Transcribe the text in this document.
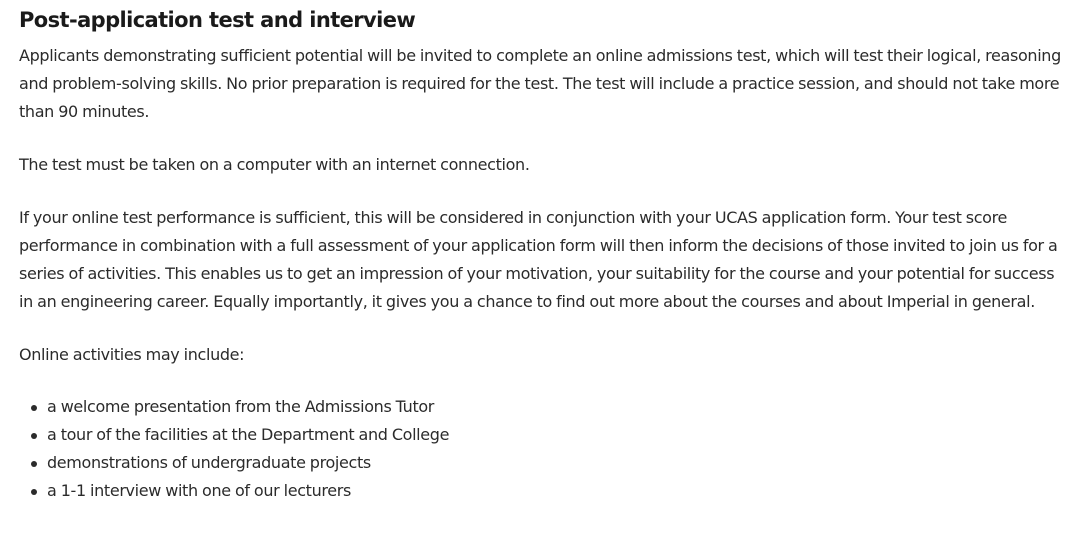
Post-application test and interview

Applicants demonstrating sufficient potential will be invited to complete an online admissions test, which will test their logical, reasoning and problem-solving skills. No prior preparation is required for the test. The test will include a practice session, and should not take more than 90 minutes.

The test must be taken on a computer with an internet connection.

If your online test performance is sufficient, this will be considered in conjunction with your UCAS application form. Your test score performance in combination with a full assessment of your application form will then inform the decisions of those invited to join us for a series of activities. This enables us to get an impression of your motivation, your suitability for the course and your potential for success in an engineering career. Equally importantly, it gives you a chance to find out more about the courses and about Imperial in general.

Online activities may include:

a welcome presentation from the Admissions Tutor
a tour of the facilities at the Department and College
demonstrations of undergraduate projects
a 1-1 interview with one of our lecturers
